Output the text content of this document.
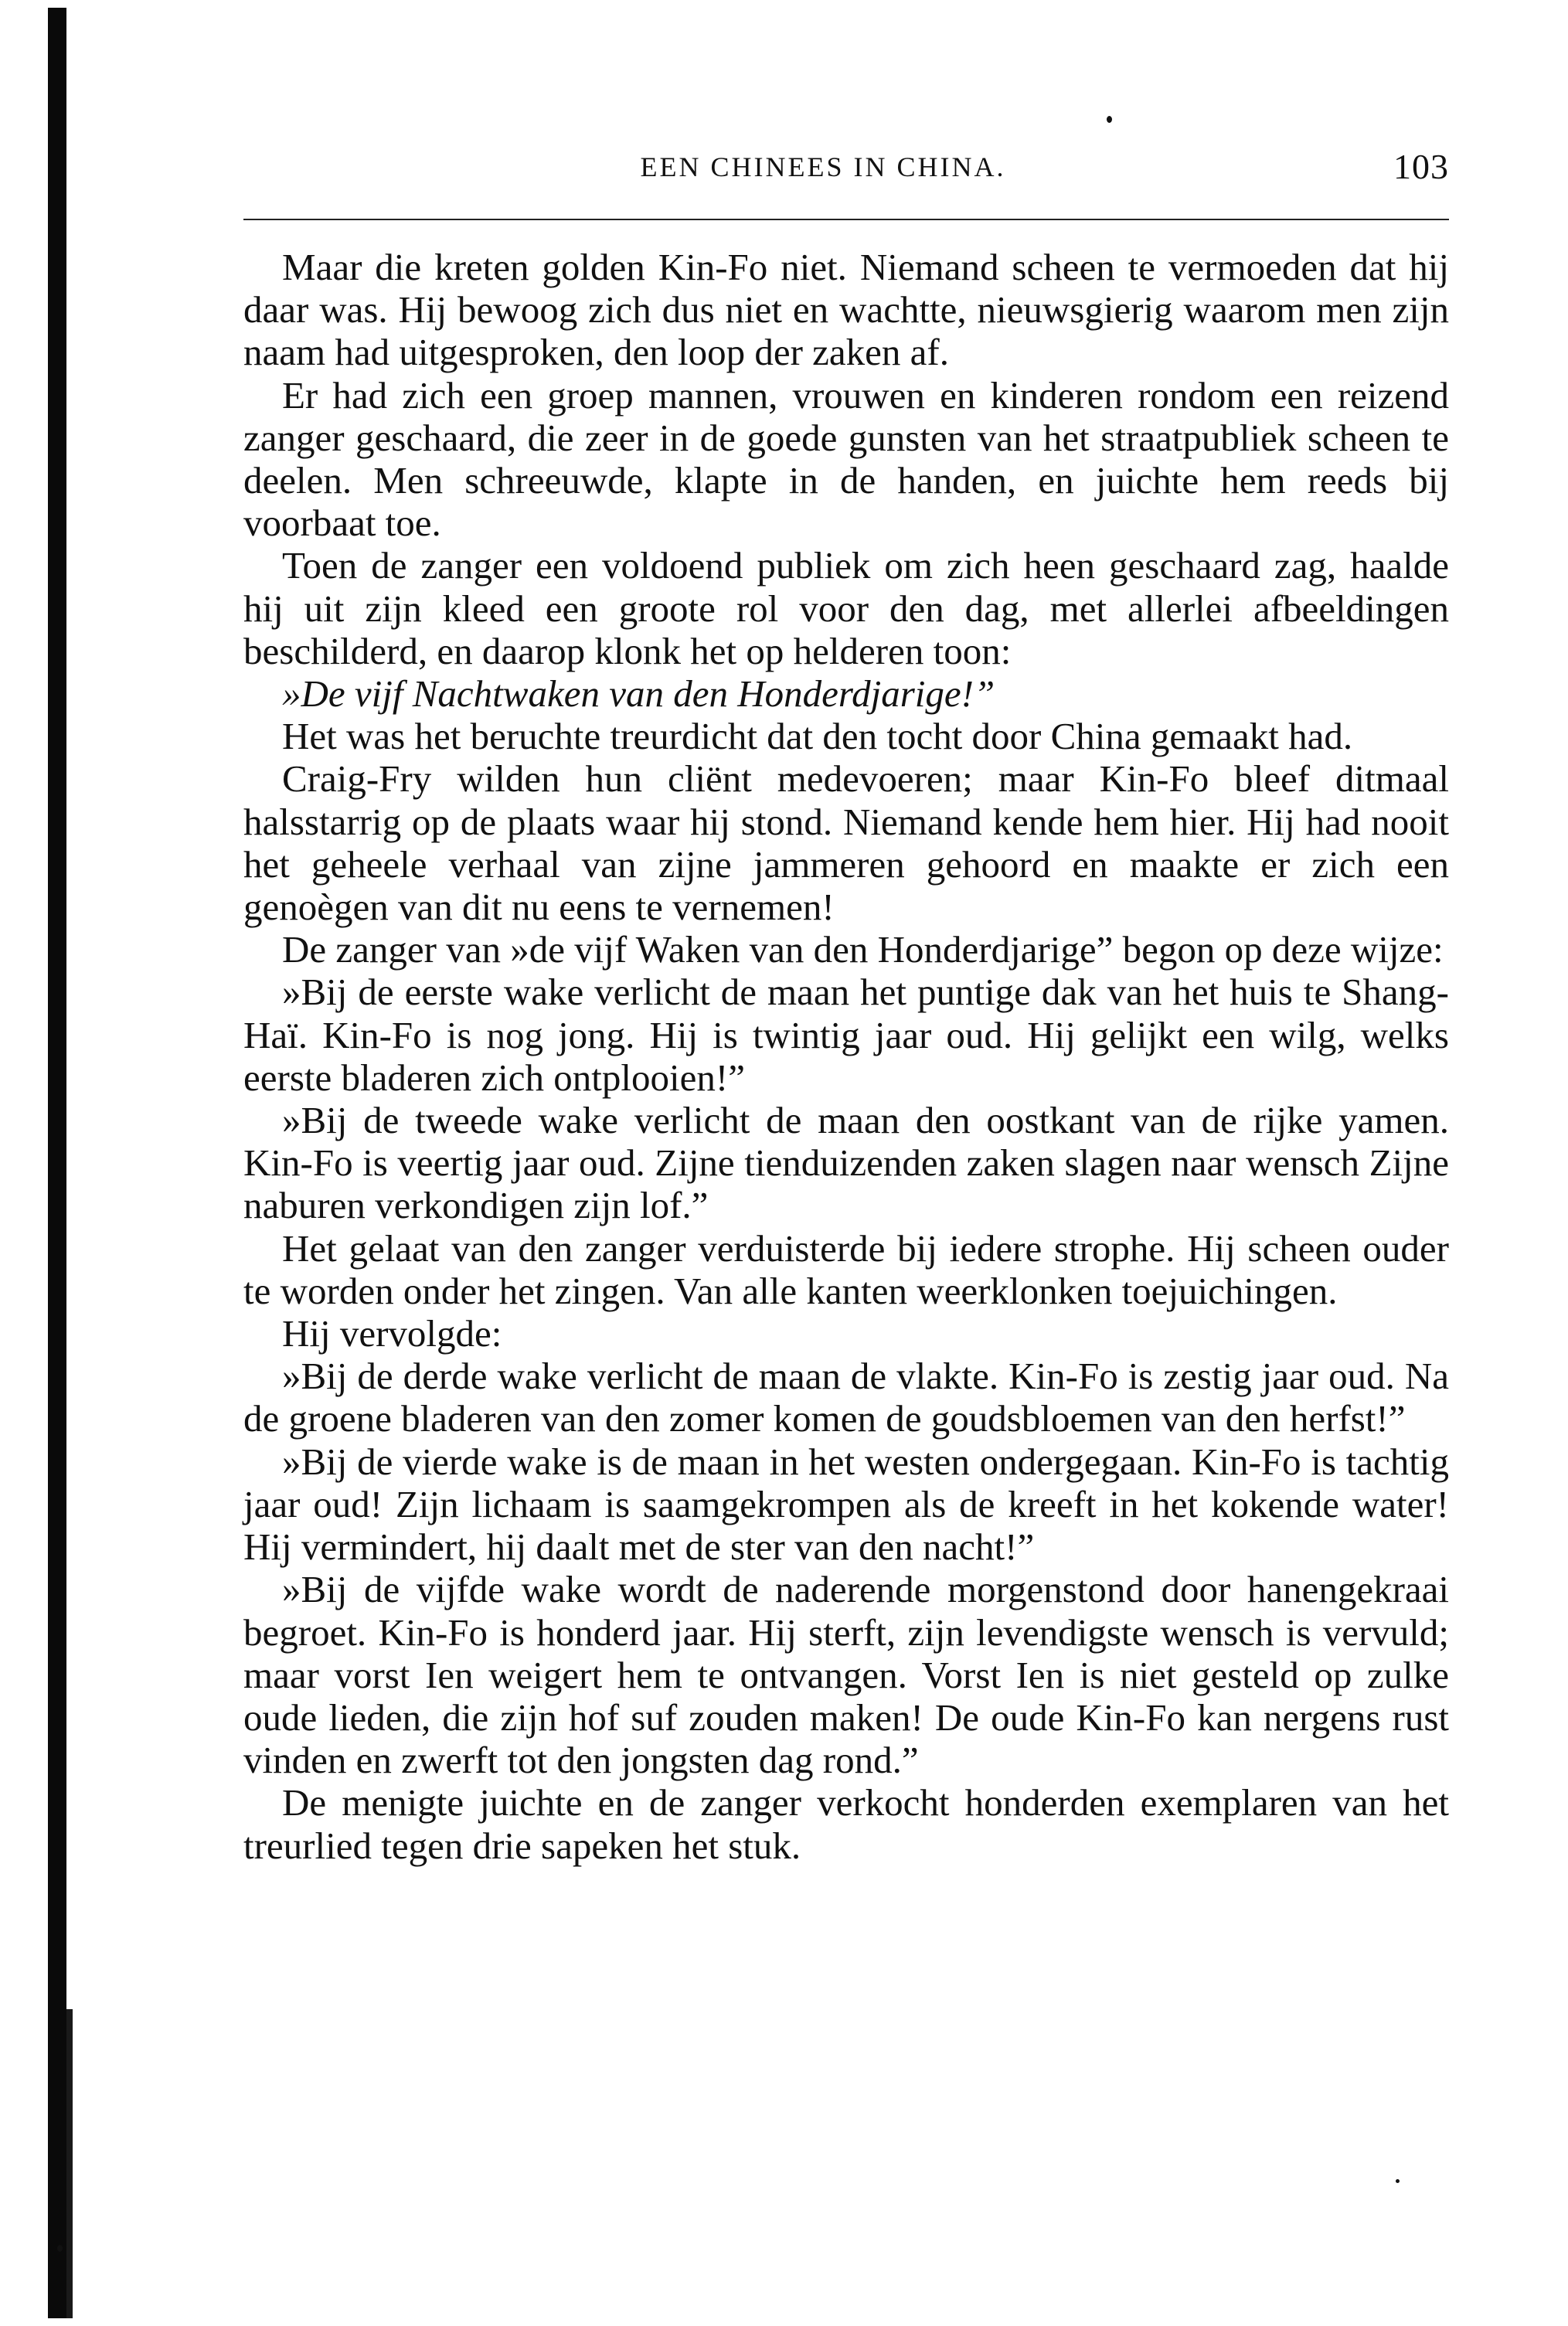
EEN CHINEES IN CHINA.	103

Maar die kreten golden Kin-Fo niet. Niemand scheen te vermoeden dat hij daar was. Hij bewoog zich dus niet en wachtte, nieuwsgierig waarom men zijn naam had uitgesproken, den loop der zaken af.

Er had zich een groep mannen, vrouwen en kinderen rondom een reizend zanger geschaard, die zeer in de goede gunsten van het straatpubliek scheen te deelen. Men schreeuwde, klapte in de handen, en juichte hem reeds bij voorbaat toe.

Toen de zanger een voldoend publiek om zich heen geschaard zag, haalde hij uit zijn kleed een groote rol voor den dag, met allerlei afbeeldingen beschilderd, en daarop klonk het op helderen toon:

»De vijf Nachtwaken van den Honderdjarige!”

Het was het beruchte treurdicht dat den tocht door China gemaakt had.

Craig-Fry wilden hun cliënt medevoeren; maar Kin-Fo bleef ditmaal halsstarrig op de plaats waar hij stond. Niemand kende hem hier. Hij had nooit het geheele verhaal van zijne jammeren gehoord en maakte er zich een genoègen van dit nu eens te vernemen!

De zanger van »de vijf Waken van den Honderdjarige” begon op deze wijze:

»Bij de eerste wake verlicht de maan het puntige dak van het huis te Shang-Haï. Kin-Fo is nog jong. Hij is twintig jaar oud. Hij gelijkt een wilg, welks eerste bladeren zich ontplooien!”

»Bij de tweede wake verlicht de maan den oostkant van de rijke yamen. Kin-Fo is veertig jaar oud. Zijne tienduizenden zaken slagen naar wensch Zijne naburen verkondigen zijn lof.”

Het gelaat van den zanger verduisterde bij iedere strophe. Hij scheen ouder te worden onder het zingen. Van alle kanten weerklonken toejuichingen.

Hij vervolgde:

»Bij de derde wake verlicht de maan de vlakte. Kin-Fo is zestig jaar oud. Na de groene bladeren van den zomer komen de goudsbloemen van den herfst!”

»Bij de vierde wake is de maan in het westen ondergegaan. Kin-Fo is tachtig jaar oud! Zijn lichaam is saamgekrompen als de kreeft in het kokende water! Hij vermindert, hij daalt met de ster van den nacht!”

»Bij de vijfde wake wordt de naderende morgenstond door hanengekraai begroet. Kin-Fo is honderd jaar. Hij sterft, zijn levendigste wensch is vervuld; maar vorst Ien weigert hem te ontvangen. Vorst Ien is niet gesteld op zulke oude lieden, die zijn hof suf zouden maken! De oude Kin-Fo kan nergens rust vinden en zwerft tot den jongsten dag rond.”

De menigte juichte en de zanger verkocht honderden exemplaren van het treurlied tegen drie sapeken het stuk.
